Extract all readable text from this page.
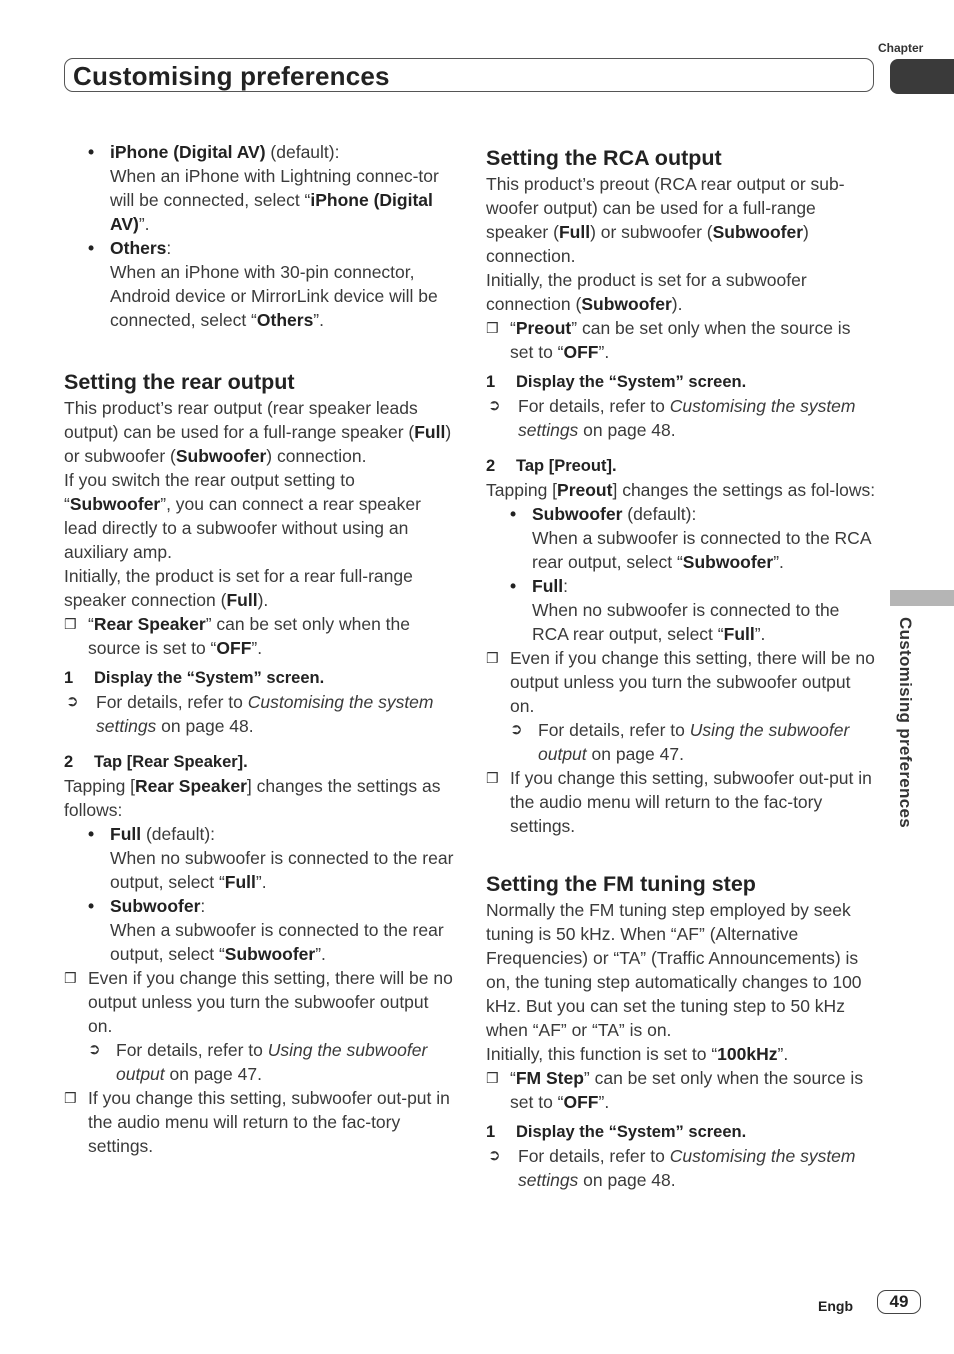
Chapter
Customising preferences
Customising preferences
• iPhone (Digital AV) (default):
When an iPhone with Lightning connec-tor will be connected, select “iPhone (Digital AV)”.
• Others:
When an iPhone with 30-pin connector, Android device or MirrorLink device will be connected, select “Others”.
Setting the rear output

This product’s rear output (rear speaker leads output) can be used for a full-range speaker (Full) or subwoofer (Subwoofer) connection.

If you switch the rear output setting to “Subwoofer”, you can connect a rear speaker lead directly to a subwoofer without using an auxiliary amp.

Initially, the product is set for a rear full-range speaker connection (Full).

❒ “Rear Speaker” can be set only when the source is set to “OFF”.
1 Display the “System” screen.
➲ For details, refer to Customising the system settings on page 48.
2 Tap [Rear Speaker].

Tapping [Rear Speaker] changes the settings as follows:

• Full (default):
When no subwoofer is connected to the rear output, select “Full”.
• Subwoofer:
When a subwoofer is connected to the rear output, select “Subwoofer”.
❒ Even if you change this setting, there will be no output unless you turn the subwoofer output on.
➲ For details, refer to Using the subwoofer output on page 47.
❒ If you change this setting, subwoofer out-put in the audio menu will return to the fac-tory settings.
Setting the RCA output

This product’s preout (RCA rear output or sub-woofer output) can be used for a full-range speaker (Full) or subwoofer (Subwoofer) connection.

Initially, the product is set for a subwoofer connection (Subwoofer).

❒ “Preout” can be set only when the source is set to “OFF”.
1 Display the “System” screen.
➲ For details, refer to Customising the system settings on page 48.
2 Tap [Preout].

Tapping [Preout] changes the settings as fol-lows:

• Subwoofer (default):
When a subwoofer is connected to the RCA rear output, select “Subwoofer”.
• Full:
When no subwoofer is connected to the RCA rear output, select “Full”.
❒ Even if you change this setting, there will be no output unless you turn the subwoofer output on.
➲ For details, refer to Using the subwoofer output on page 47.
❒ If you change this setting, subwoofer out-put in the audio menu will return to the fac-tory settings.
Setting the FM tuning step

Normally the FM tuning step employed by seek tuning is 50 kHz. When “AF” (Alternative Frequencies) or “TA” (Traffic Announcements) is on, the tuning step automatically changes to 100 kHz. But you can set the tuning step to 50 kHz when “AF” or “TA” is on.

Initially, this function is set to “100kHz”.

❒ “FM Step” can be set only when the source is set to “OFF”.
1 Display the “System” screen.
➲ For details, refer to Customising the system settings on page 48.
Engb	49
